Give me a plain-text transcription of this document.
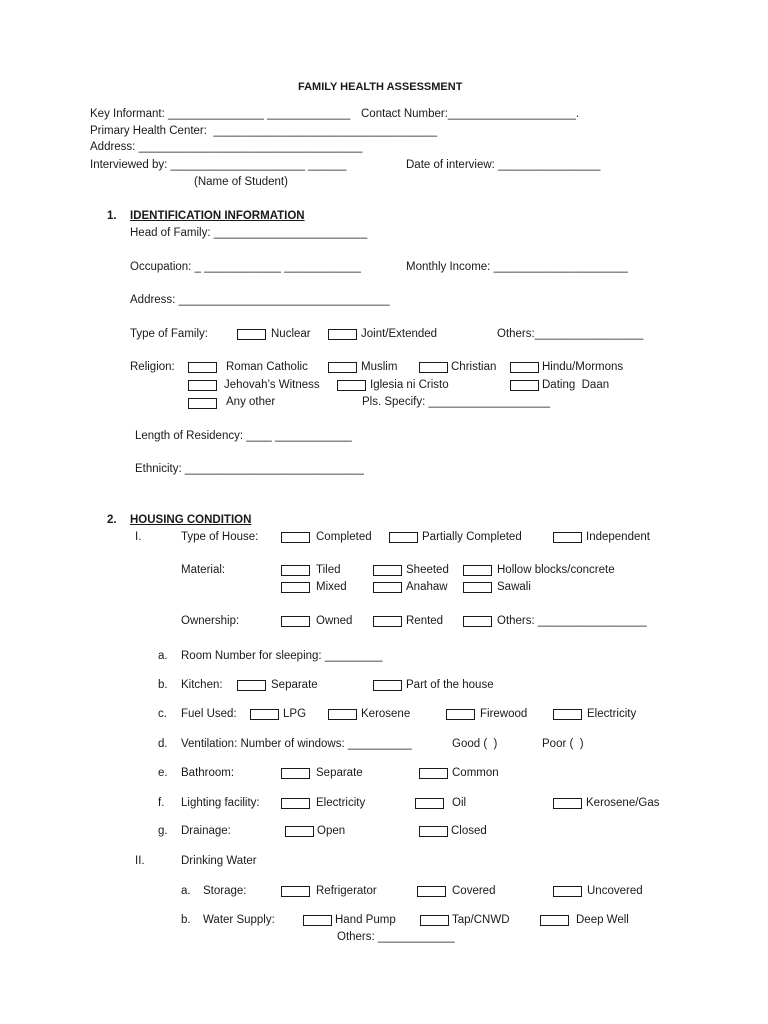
FAMILY HEALTH ASSESSMENT
Key Informant: _______________ _____________ Contact Number:____________________.
Primary Health Center:  ___________________________________
Address: ___________________________________
Interviewed by: _____________________ ______	Date of interview: ________________
(Name of Student)
1. IDENTIFICATION INFORMATION
Head of Family: ________________________
Occupation: _ ____________ ____________	Monthly Income: _____________________
Address: _________________________________
Type of Family:	Nuclear	Joint/Extended	Others:_________________
Religion:	Roman Catholic	Muslim	Christian	Hindu/Mormons
Jehovah’s Witness	Iglesia ni Cristo	Dating  Daan
Any other	Pls. Specify: ___________________
Length of Residency: ____ ____________
Ethnicity: ____________________________
2. HOUSING CONDITION
I.	Type of House:	Completed	Partially Completed	Independent
Material:	Tiled	Sheeted	Hollow blocks/concrete
Mixed	Anahaw	Sawali
Ownership:	Owned	Rented	Others: _________________
a. Room Number for sleeping: _________
b. Kitchen:	Separate	Part of the house
c. Fuel Used:	LPG	Kerosene	Firewood	Electricity
d. Ventilation: Number of windows: __________	Good (  )	Poor (  )
e. Bathroom:	Separate	Common
f. Lighting facility:	Electricity	Oil	Kerosene/Gas
g. Drainage:	Open	Closed
II.	Drinking Water
a. Storage:	Refrigerator	Covered	Uncovered
b. Water Supply:	Hand Pump	Tap/CNWD	Deep Well
Others: ____________
